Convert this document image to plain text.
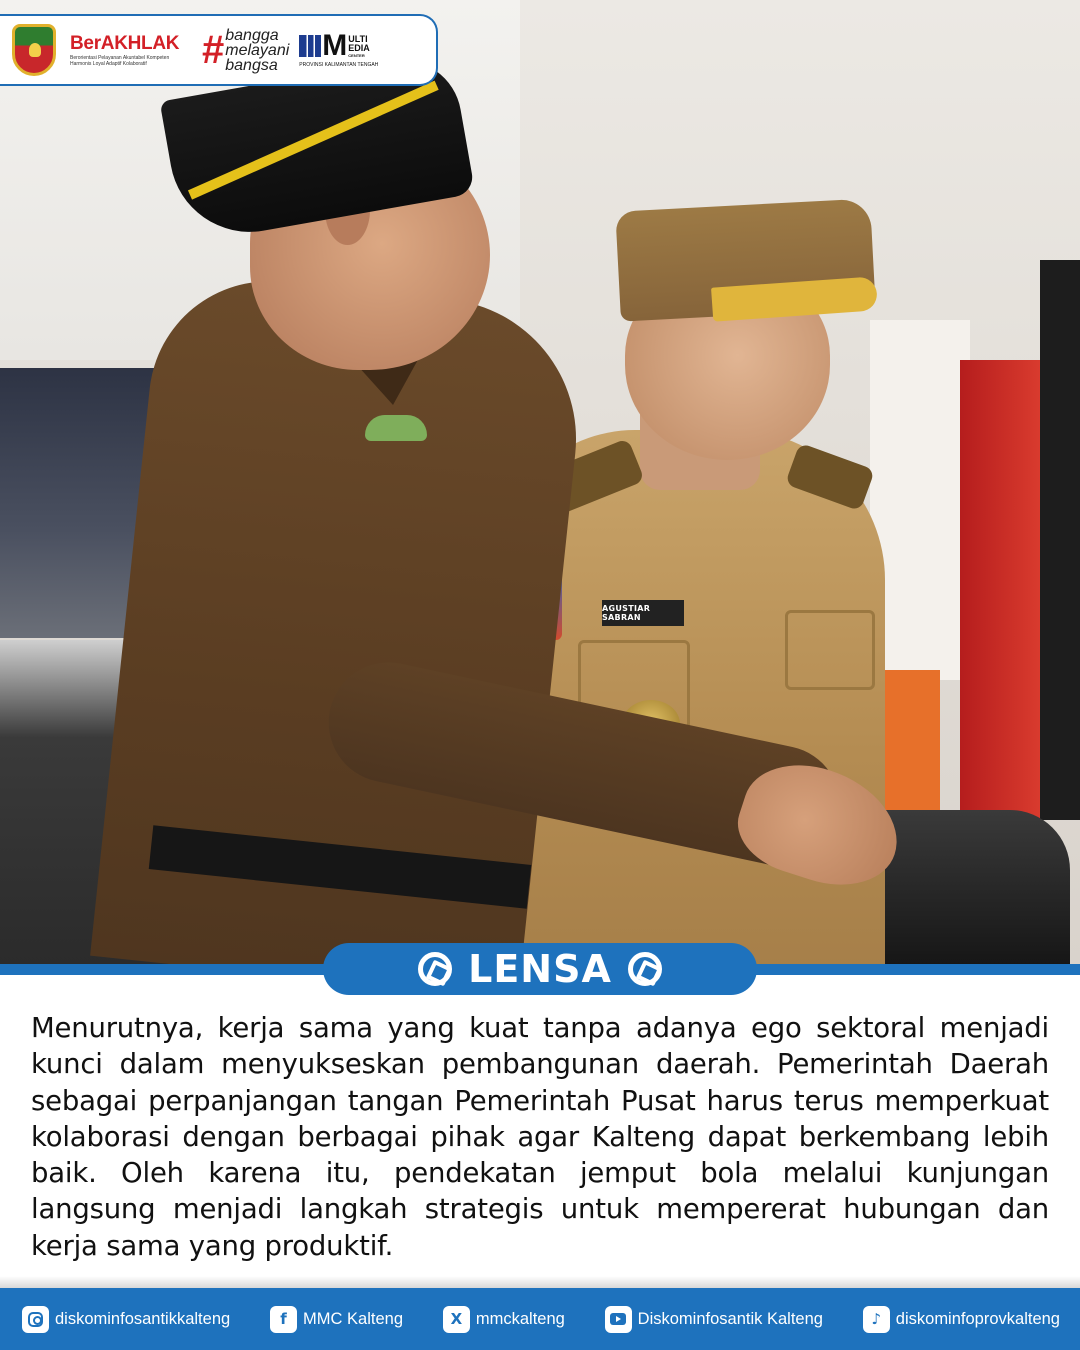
AGUSTIAR SABRAN
BerAKHLAK
Berorientasi Pelayanan Akuntabel Kompeten Harmonis Loyal Adaptif Kolaboratif	# bangga
melayani
bangsa
M ULTI
EDIA
CENTER
PROVINSI KALIMANTAN TENGAH
LENSA

Menurutnya, kerja sama yang kuat tanpa adanya ego sektoral menjadi kunci dalam menyukseskan pembangunan daerah. Pemerintah Daerah sebagai perpanjangan tangan Pemerintah Pusat harus terus memperkuat kolaborasi dengan berbagai pihak agar Kalteng dapat berkembang lebih baik. Oleh karena itu, pendekatan jemput bola melalui kunjungan langsung menjadi langkah strategis untuk mempererat hubungan dan kerja sama yang produktif.

diskominfosantikkalteng	f MMC Kalteng	X mmckalteng	Diskominfosantik Kalteng	♪ diskominfoprovkalteng
